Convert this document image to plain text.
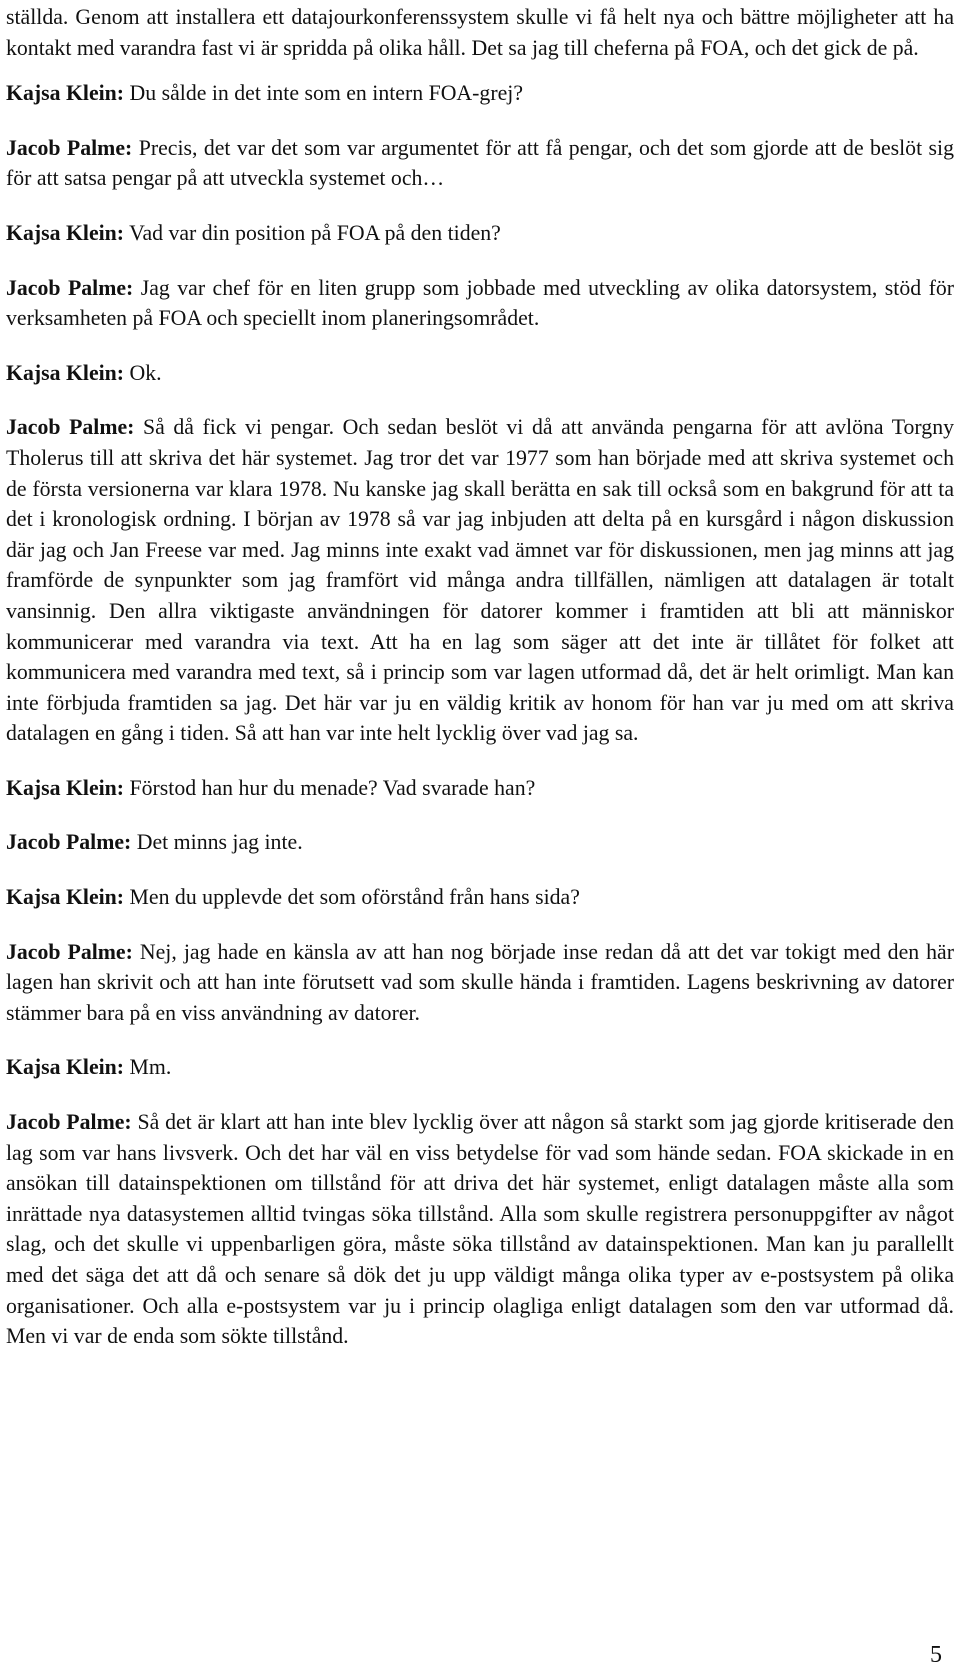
ställda. Genom att installera ett datajourkonferenssystem skulle vi få helt nya och bättre möjligheter att ha kontakt med varandra fast vi är spridda på olika håll. Det sa jag till cheferna på FOA, och det gick de på.

Kajsa Klein: Du sålde in det inte som en intern FOA-grej?

Jacob Palme: Precis, det var det som var argumentet för att få pengar, och det som gjorde att de beslöt sig för att satsa pengar på att utveckla systemet och…

Kajsa Klein: Vad var din position på FOA på den tiden?

Jacob Palme: Jag var chef för en liten grupp som jobbade med utveckling av olika datorsystem, stöd för verksamheten på FOA och speciellt inom planeringsområdet.

Kajsa Klein: Ok.

Jacob Palme: Så då fick vi pengar. Och sedan beslöt vi då att använda pengarna för att avlöna Torgny Tholerus till att skriva det här systemet. Jag tror det var 1977 som han började med att skriva systemet och de första versionerna var klara 1978. Nu kanske jag skall berätta en sak till också som en bakgrund för att ta det i kronologisk ordning. I början av 1978 så var jag inbjuden att delta på en kursgård i någon diskussion där jag och Jan Freese var med. Jag minns inte exakt vad ämnet var för diskussionen, men jag minns att jag framförde de synpunkter som jag framfört vid många andra tillfällen, nämligen att datalagen är totalt vansinnig. Den allra viktigaste användningen för datorer kommer i framtiden att bli att människor kommunicerar med varandra via text. Att ha en lag som säger att det inte är tillåtet för folket att kommunicera med varandra med text, så i princip som var lagen utformad då, det är helt orimligt. Man kan inte förbjuda framtiden sa jag. Det här var ju en väldig kritik av honom för han var ju med om att skriva datalagen en gång i tiden. Så att han var inte helt lycklig över vad jag sa.

Kajsa Klein: Förstod han hur du menade? Vad svarade han?

Jacob Palme: Det minns jag inte.

Kajsa Klein: Men du upplevde det som oförstånd från hans sida?

Jacob Palme: Nej, jag hade en känsla av att han nog började inse redan då att det var tokigt med den här lagen han skrivit och att han inte förutsett vad som skulle hända i framtiden. Lagens beskrivning av datorer stämmer bara på en viss användning av datorer.

Kajsa Klein: Mm.

Jacob Palme: Så det är klart att han inte blev lycklig över att någon så starkt som jag gjorde kritiserade den lag som var hans livsverk. Och det har väl en viss betydelse för vad som hände sedan. FOA skickade in en ansökan till datainspektionen om tillstånd för att driva det här systemet, enligt datalagen måste alla som inrättade nya datasystemen alltid tvingas söka tillstånd. Alla som skulle registrera personuppgifter av något slag, och det skulle vi uppenbarligen göra, måste söka tillstånd av datainspektionen. Man kan ju parallellt med det säga det att då och senare så dök det ju upp väldigt många olika typer av e-postsystem på olika organisationer. Och alla e-postsystem var ju i princip olagliga enligt datalagen som den var utformad då. Men vi var de enda som sökte tillstånd.

5
